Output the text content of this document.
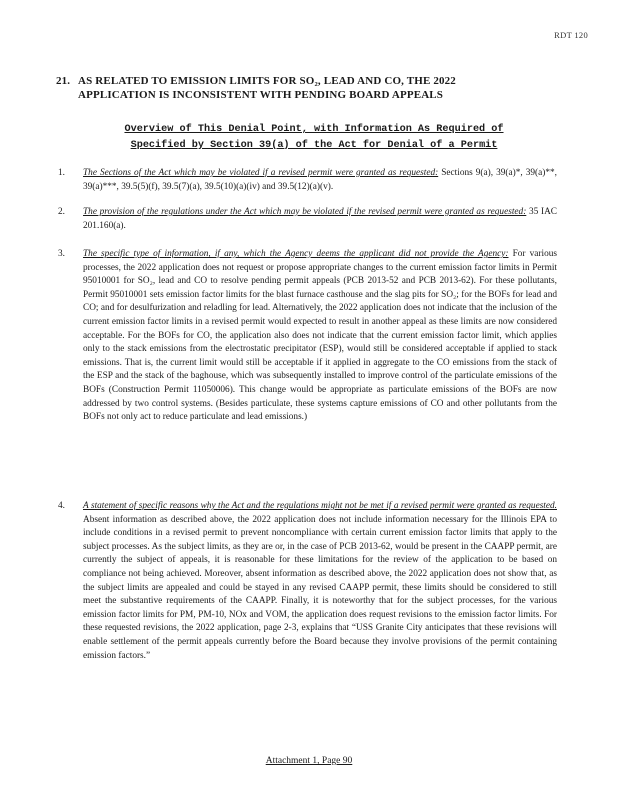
RDT 120
21. AS RELATED TO EMISSION LIMITS FOR SO₂, LEAD AND CO, THE 2022
APPLICATION IS INCONSISTENT WITH PENDING BOARD APPEALS
Overview of This Denial Point, with Information As Required of
Specified by Section 39(a) of the Act for Denial of a Permit
1.	The Sections of the Act which may be violated if a revised permit were granted as requested: Sections 9(a), 39(a)*, 39(a)**, 39(a)***, 39.5(5)(f), 39.5(7)(a), 39.5(10)(a)(iv) and 39.5(12)(a)(v).

2.	The provision of the regulations under the Act which may be violated if the revised permit were granted as requested: 35 IAC 201.160(a).

3.	The specific type of information, if any, which the Agency deems the applicant did not provide the Agency: For various processes, the 2022 application does not request or propose appropriate changes to the current emission factor limits in Permit 95010001 for SO₂, lead and CO to resolve pending permit appeals (PCB 2013-52 and PCB 2013-62). For these pollutants, Permit 95010001 sets emission factor limits for the blast furnace casthouse and the slag pits for SO₂; for the BOFs for lead and CO; and for desulfurization and reladling for lead. Alternatively, the 2022 application does not indicate that the inclusion of the current emission factor limits in a revised permit would expected to result in another appeal as these limits are now considered acceptable. For the BOFs for CO, the application also does not indicate that the current emission factor limit, which applies only to the stack emissions from the electrostatic precipitator (ESP), would still be considered acceptable if applied to stack emissions. That is, the current limit would still be acceptable if it applied in aggregate to the CO emissions from the stack of the ESP and the stack of the baghouse, which was subsequently installed to improve control of the particulate emissions of the BOFs (Construction Permit 11050006). This change would be appropriate as particulate emissions of the BOFs are now addressed by two control systems. (Besides particulate, these systems capture emissions of CO and other pollutants from the BOFs not only act to reduce particulate and lead emissions.)

4.	A statement of specific reasons why the Act and the regulations might not be met if a revised permit were granted as requested. Absent information as described above, the 2022 application does not include information necessary for the Illinois EPA to include conditions in a revised permit to prevent noncompliance with certain current emission factor limits that apply to the subject processes. As the subject limits, as they are or, in the case of PCB 2013-62, would be present in the CAAPP permit, are currently the subject of appeals, it is reasonable for these limitations for the review of the application to be based on compliance not being achieved. Moreover, absent information as described above, the 2022 application does not show that, as the subject limits are appealed and could be stayed in any revised CAAPP permit, these limits should be considered to still meet the substantive requirements of the CAAPP. Finally, it is noteworthy that for the subject processes, for the various emission factor limits for PM, PM-10, NOx and VOM, the application does request revisions to the emission factor limits. For these requested revisions, the 2022 application, page 2-3, explains that “USS Granite City anticipates that these revisions will enable settlement of the permit appeals currently before the Board because they involve provisions of the permit containing emission factors.”

Attachment 1, Page 90
